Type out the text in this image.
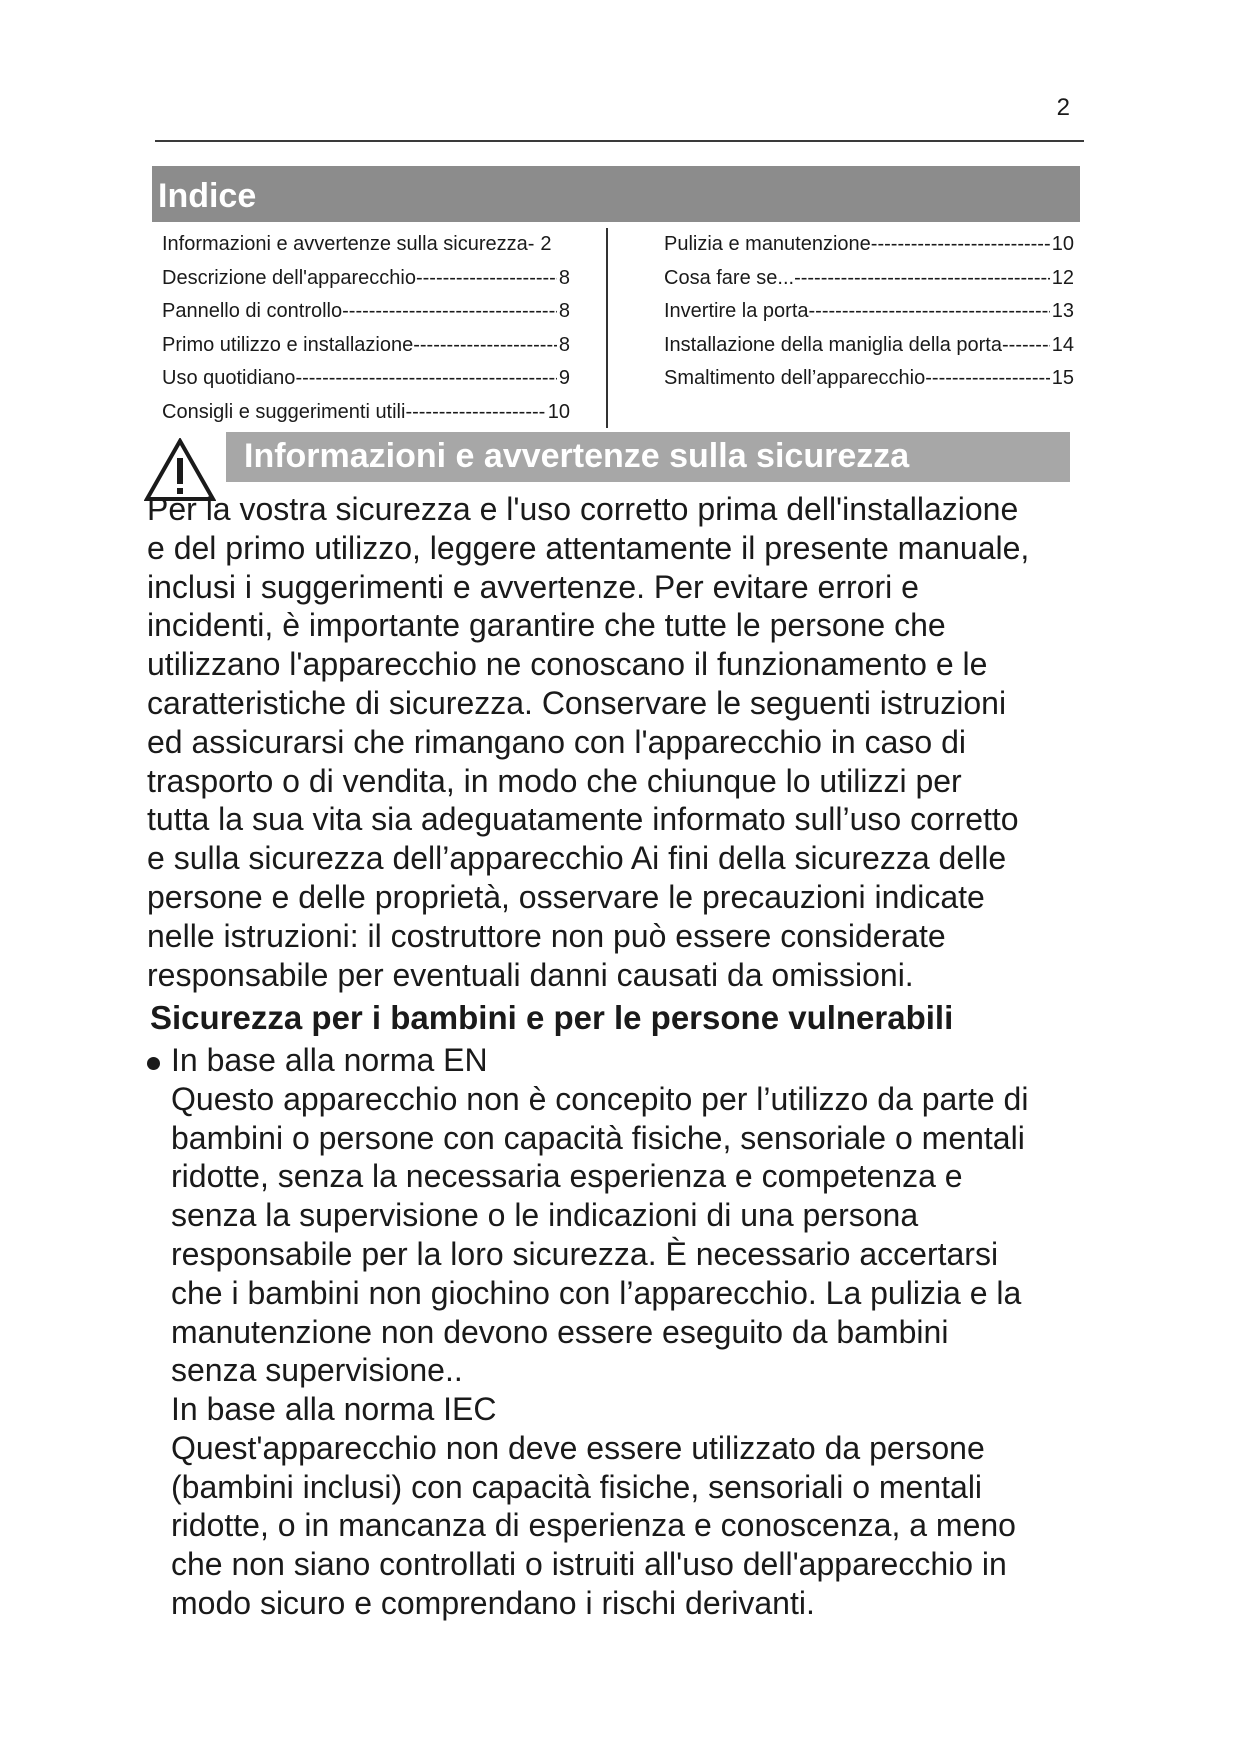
2
Indice
Informazioni e avvertenze sulla sicurezza- 2
Descrizione dell'apparecchio -----	8
Pannello di controllo -----	8
Primo utilizzo e installazione -----	8
Uso quotidiano -----	9
Consigli e suggerimenti utili -----	10
Pulizia e manutenzione -----	10
Cosa fare se... -----	12
Invertire la porta -----	13
Installazione della maniglia della porta ----- 14
Smaltimento dell’apparecchio -----	15
Informazioni e avvertenze sulla sicurezza
Per la vostra sicurezza e l'uso corretto prima dell'installazione
e del primo utilizzo, leggere attentamente il presente manuale,
inclusi i suggerimenti e avvertenze. Per evitare errori e
incidenti, è importante garantire che tutte le persone che
utilizzano l'apparecchio ne conoscano il funzionamento e le
caratteristiche di sicurezza. Conservare le seguenti istruzioni
ed assicurarsi che rimangano con l'apparecchio in caso di
trasporto o di vendita, in modo che chiunque lo utilizzi per
tutta la sua vita sia adeguatamente informato sull’uso corretto
e sulla sicurezza dell’apparecchio Ai fini della sicurezza delle
persone e delle proprietà, osservare le precauzioni indicate
nelle istruzioni: il costruttore non può essere considerate
responsabile per eventuali danni causati da omissioni.
Sicurezza per i bambini e per le persone vulnerabili
In base alla norma EN
Questo apparecchio non è concepito per l’utilizzo da parte di
bambini o persone con capacità fisiche, sensoriale o mentali
ridotte, senza la necessaria esperienza e competenza e
senza la supervisione o le indicazioni di una persona
responsabile per la loro sicurezza. È necessario accertarsi
che i bambini non giochino con l’apparecchio. La pulizia e la
manutenzione non devono essere eseguito da bambini
senza supervisione..
In base alla norma IEC
Quest'apparecchio non deve essere utilizzato da persone
(bambini inclusi) con capacità fisiche, sensoriali o mentali
ridotte, o in mancanza di esperienza e conoscenza, a meno
che non siano controllati o istruiti all'uso dell'apparecchio in
modo sicuro e comprendano i rischi derivanti.
